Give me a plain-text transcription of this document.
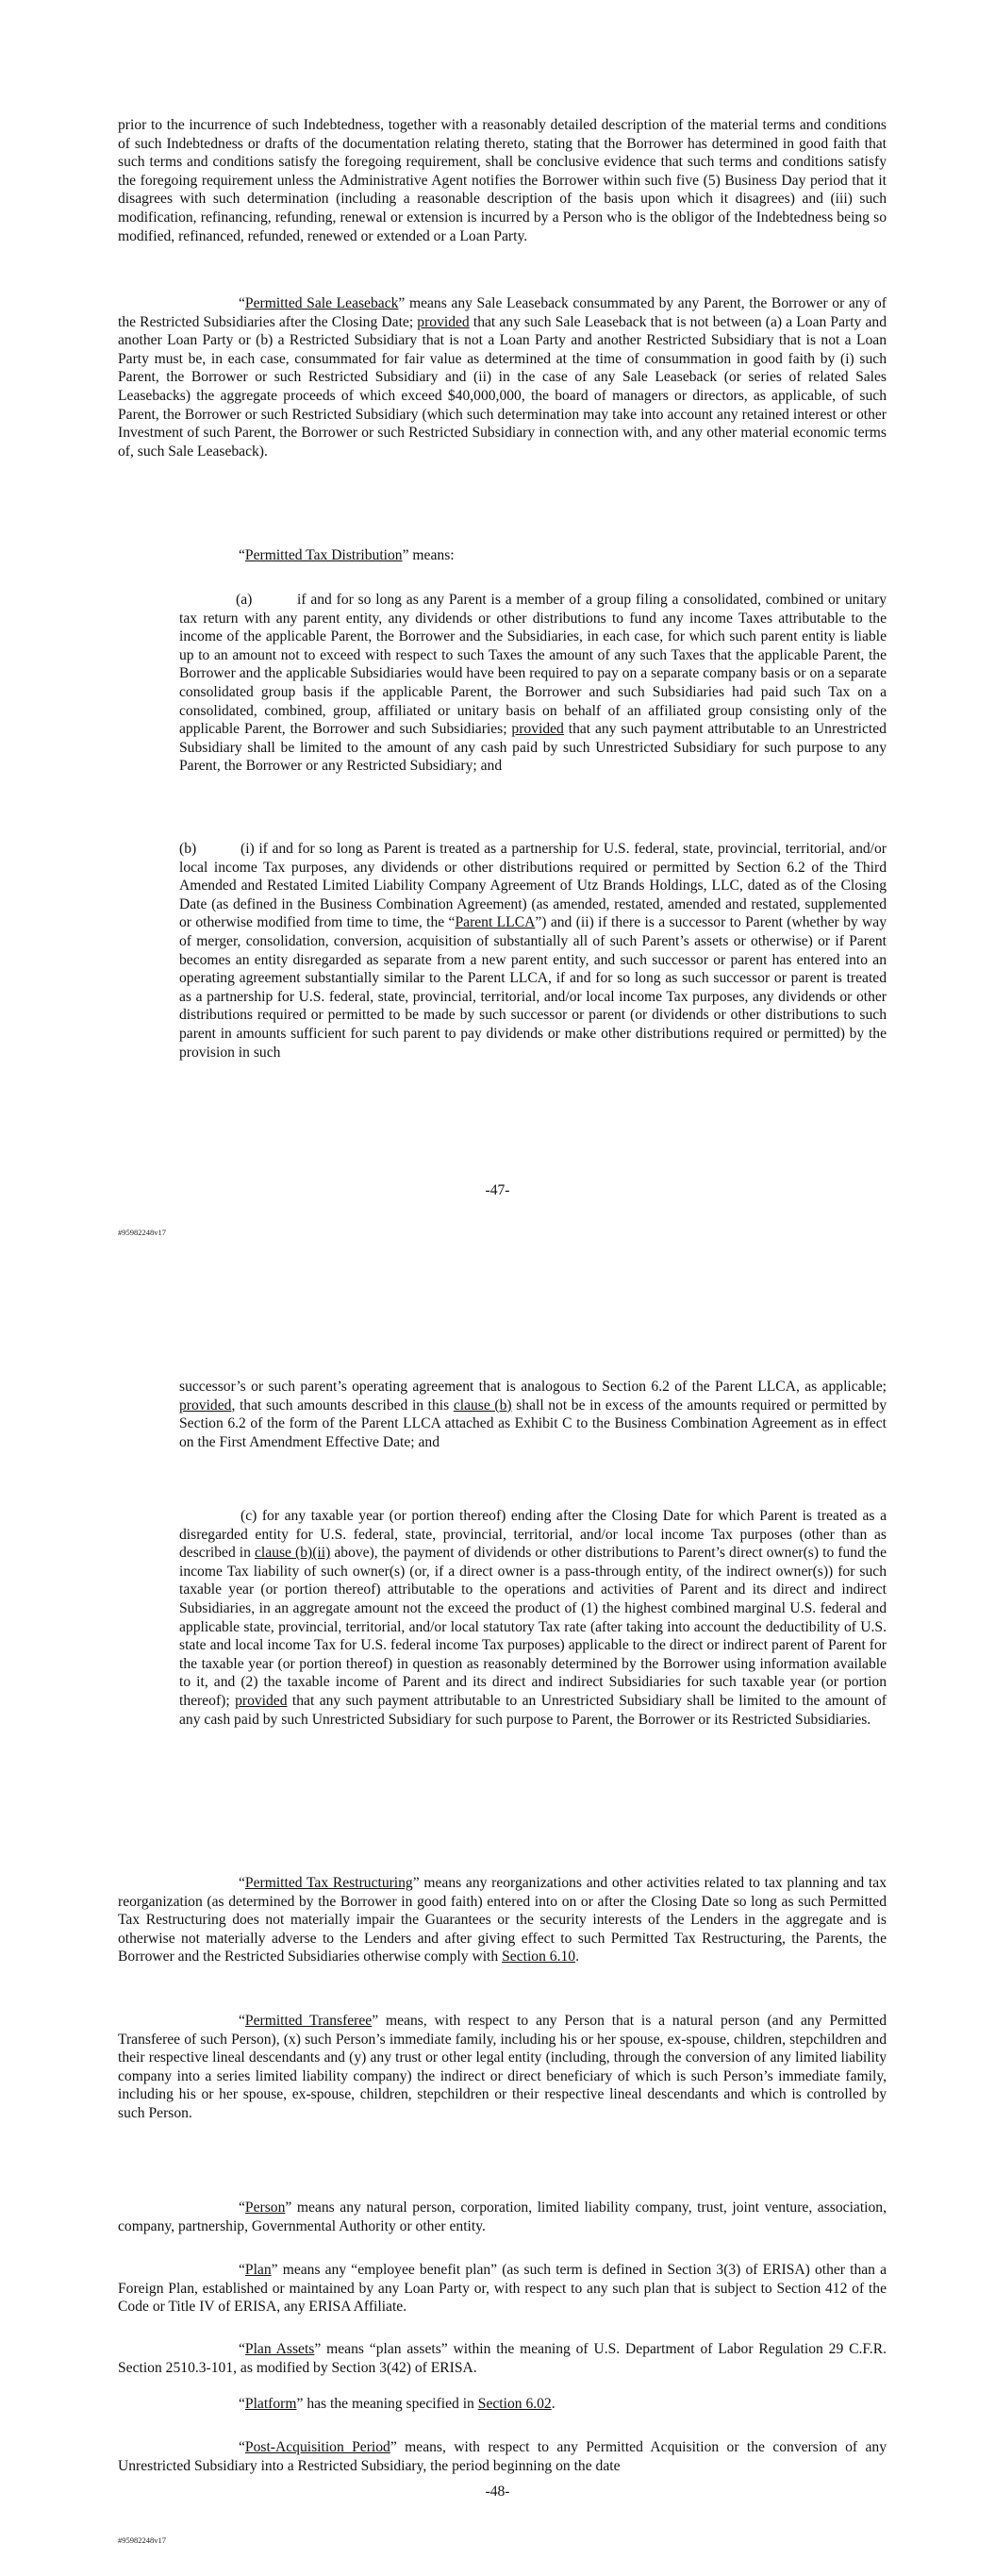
prior to the incurrence of such Indebtedness, together with a reasonably detailed description of the material terms and conditions of such Indebtedness or drafts of the documentation relating thereto, stating that the Borrower has determined in good faith that such terms and conditions satisfy the foregoing requirement, shall be conclusive evidence that such terms and conditions satisfy the foregoing requirement unless the Administrative Agent notifies the Borrower within such five (5) Business Day period that it disagrees with such determination (including a reasonable description of the basis upon which it disagrees) and (iii) such modification, refinancing, refunding, renewal or extension is incurred by a Person who is the obligor of the Indebtedness being so modified, refinanced, refunded, renewed or extended or a Loan Party.

“Permitted Sale Leaseback” means any Sale Leaseback consummated by any Parent, the Borrower or any of the Restricted Subsidiaries after the Closing Date; provided that any such Sale Leaseback that is not between (a) a Loan Party and another Loan Party or (b) a Restricted Subsidiary that is not a Loan Party and another Restricted Subsidiary that is not a Loan Party must be, in each case, consummated for fair value as determined at the time of consummation in good faith by (i) such Parent, the Borrower or such Restricted Subsidiary and (ii) in the case of any Sale Leaseback (or series of related Sales Leasebacks) the aggregate proceeds of which exceed $40,000,000, the board of managers or directors, as applicable, of such Parent, the Borrower or such Restricted Subsidiary (which such determination may take into account any retained interest or other Investment of such Parent, the Borrower or such Restricted Subsidiary in connection with, and any other material economic terms of, such Sale Leaseback).

“Permitted Tax Distribution” means:

(a)	if and for so long as any Parent is a member of a group filing a consolidated, combined or unitary tax return with any parent entity, any dividends or other distributions to fund any income Taxes attributable to the income of the applicable Parent, the Borrower and the Subsidiaries, in each case, for which such parent entity is liable up to an amount not to exceed with respect to such Taxes the amount of any such Taxes that the applicable Parent, the Borrower and the applicable Subsidiaries would have been required to pay on a separate company basis or on a separate consolidated group basis if the applicable Parent, the Borrower and such Subsidiaries had paid such Tax on a consolidated, combined, group, affiliated or unitary basis on behalf of an affiliated group consisting only of the applicable Parent, the Borrower and such Subsidiaries; provided that any such payment attributable to an Unrestricted Subsidiary shall be limited to the amount of any cash paid by such Unrestricted Subsidiary for such purpose to any Parent, the Borrower or any Restricted Subsidiary; and

(b)	(i) if and for so long as Parent is treated as a partnership for U.S. federal, state, provincial, territorial, and/or local income Tax purposes, any dividends or other distributions required or permitted by Section 6.2 of the Third Amended and Restated Limited Liability Company Agreement of Utz Brands Holdings, LLC, dated as of the Closing Date (as defined in the Business Combination Agreement) (as amended, restated, amended and restated, supplemented or otherwise modified from time to time, the “Parent LLCA”) and (ii) if there is a successor to Parent (whether by way of merger, consolidation, conversion, acquisition of substantially all of such Parent’s assets or otherwise) or if Parent becomes an entity disregarded as separate from a new parent entity, and such successor or parent has entered into an operating agreement substantially similar to the Parent LLCA, if and for so long as such successor or parent is treated as a partnership for U.S. federal, state, provincial, territorial, and/or local income Tax purposes, any dividends or other distributions required or permitted to be made by such successor or parent (or dividends or other distributions to such parent in amounts sufficient for such parent to pay dividends or make other distributions required or permitted) by the provision in such

-47-
#95982248v17

successor’s or such parent’s operating agreement that is analogous to Section 6.2 of the Parent LLCA, as applicable; provided, that such amounts described in this clause (b) shall not be in excess of the amounts required or permitted by Section 6.2 of the form of the Parent LLCA attached as Exhibit C to the Business Combination Agreement as in effect on the First Amendment Effective Date; and

(c) for any taxable year (or portion thereof) ending after the Closing Date for which Parent is treated as a disregarded entity for U.S. federal, state, provincial, territorial, and/or local income Tax purposes (other than as described in clause (b)(ii) above), the payment of dividends or other distributions to Parent’s direct owner(s) to fund the income Tax liability of such owner(s) (or, if a direct owner is a pass-through entity, of the indirect owner(s)) for such taxable year (or portion thereof) attributable to the operations and activities of Parent and its direct and indirect Subsidiaries, in an aggregate amount not the exceed the product of (1) the highest combined marginal U.S. federal and applicable state, provincial, territorial, and/or local statutory Tax rate (after taking into account the deductibility of U.S. state and local income Tax for U.S. federal income Tax purposes) applicable to the direct or indirect parent of Parent for the taxable year (or portion thereof) in question as reasonably determined by the Borrower using information available to it, and (2) the taxable income of Parent and its direct and indirect Subsidiaries for such taxable year (or portion thereof); provided that any such payment attributable to an Unrestricted Subsidiary shall be limited to the amount of any cash paid by such Unrestricted Subsidiary for such purpose to Parent, the Borrower or its Restricted Subsidiaries.

“Permitted Tax Restructuring” means any reorganizations and other activities related to tax planning and tax reorganization (as determined by the Borrower in good faith) entered into on or after the Closing Date so long as such Permitted Tax Restructuring does not materially impair the Guarantees or the security interests of the Lenders in the aggregate and is otherwise not materially adverse to the Lenders and after giving effect to such Permitted Tax Restructuring, the Parents, the Borrower and the Restricted Subsidiaries otherwise comply with Section 6.10.

“Permitted Transferee” means, with respect to any Person that is a natural person (and any Permitted Transferee of such Person), (x) such Person’s immediate family, including his or her spouse, ex-spouse, children, stepchildren and their respective lineal descendants and (y) any trust or other legal entity (including, through the conversion of any limited liability company into a series limited liability company) the indirect or direct beneficiary of which is such Person’s immediate family, including his or her spouse, ex-spouse, children, stepchildren or their respective lineal descendants and which is controlled by such Person.

“Person” means any natural person, corporation, limited liability company, trust, joint venture, association, company, partnership, Governmental Authority or other entity.

“Plan” means any “employee benefit plan” (as such term is defined in Section 3(3) of ERISA) other than a Foreign Plan, established or maintained by any Loan Party or, with respect to any such plan that is subject to Section 412 of the Code or Title IV of ERISA, any ERISA Affiliate.

“Plan Assets” means “plan assets” within the meaning of U.S. Department of Labor Regulation 29 C.F.R. Section 2510.3-101, as modified by Section 3(42) of ERISA.

“Platform” has the meaning specified in Section 6.02.

“Post-Acquisition Period” means, with respect to any Permitted Acquisition or the conversion of any Unrestricted Subsidiary into a Restricted Subsidiary, the period beginning on the date

-48-
#95982248v17
